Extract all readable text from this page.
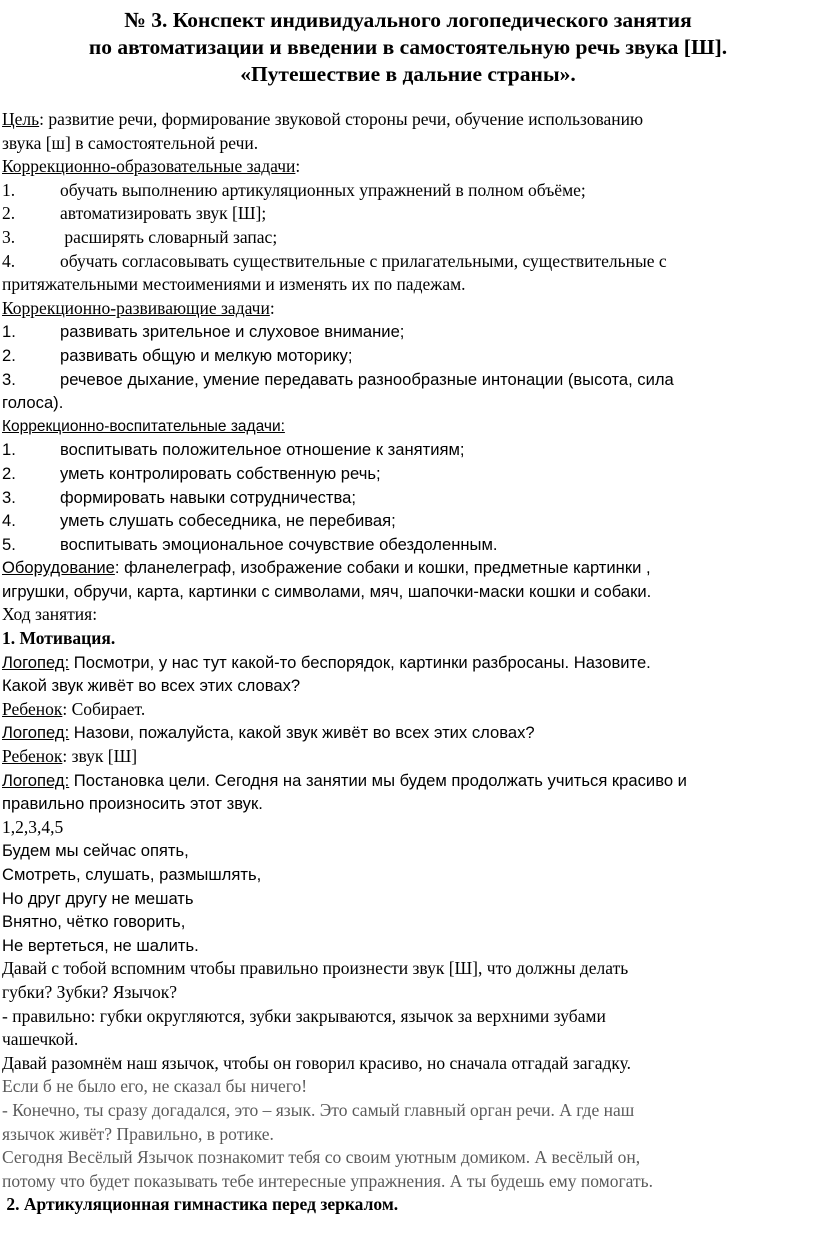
№ 3. Конспект индивидуального логопедического занятия
по автоматизации и введении в самостоятельную речь звука [Ш].
«Путешествие в дальние страны».
Цель: развитие речи, формирование звуковой стороны речи, обучение использованию
звука [ш] в самостоятельной речи.
Коррекционно-образовательные задачи:
1.	обучать выполнению артикуляционных упражнений в полном объёме;
2.	автоматизировать звук [Ш];
3.	расширять словарный запас;
4.	обучать согласовывать существительные с прилагательными, существительные с
притяжательными местоимениями и изменять их по падежам.
Коррекционно-развивающие задачи:
1.	развивать зрительное и слуховое внимание;
2.	развивать общую и мелкую моторику;
3.	речевое дыхание, умение передавать разнообразные интонации (высота, сила
голоса).
Коррекционно-воспитательные задачи:
1.	воспитывать положительное отношение к занятиям;
2.	уметь контролировать собственную речь;
3.	формировать навыки сотрудничества;
4.	уметь слушать собеседника, не перебивая;
5.	воспитывать эмоциональное сочувствие обездоленным.
Оборудование: фланелеграф, изображение собаки и кошки, предметные картинки ,
игрушки, обручи, карта, картинки с символами, мяч, шапочки-маски кошки и собаки.
Ход занятия:
1. Мотивация.
Логопед: Посмотри, у нас тут какой-то беспорядок, картинки разбросаны. Назовите.
Какой звук живёт во всех этих словах?
Ребенок: Собирает.
Логопед: Назови, пожалуйста, какой звук живёт во всех этих словах?
Ребенок: звук [Ш]
Логопед: Постановка цели. Сегодня на занятии мы будем продолжать учиться красиво и
правильно произносить этот звук.
1,2,3,4,5
Будем мы сейчас опять,
Смотреть, слушать, размышлять,
Но друг другу не мешать
Внятно, чётко говорить,
Не вертеться, не шалить.
Давай с тобой вспомним чтобы правильно произнести звук [Ш], что должны делать
губки? Зубки? Язычок?
- правильно: губки округляются, зубки закрываются, язычок за верхними зубами
чашечкой.
Давай разомнём наш язычок, чтобы он говорил красиво, но сначала отгадай загадку.
Если б не было его, не сказал бы ничего!
- Конечно, ты сразу догадался, это – язык. Это самый главный орган речи. А где наш
язычок живёт? Правильно, в ротике.
Сегодня Весёлый Язычок познакомит тебя со своим уютным домиком. А весёлый он,
потому что будет показывать тебе интересные упражнения. А ты будешь ему помогать.
2. Артикуляционная гимнастика перед зеркалом.
